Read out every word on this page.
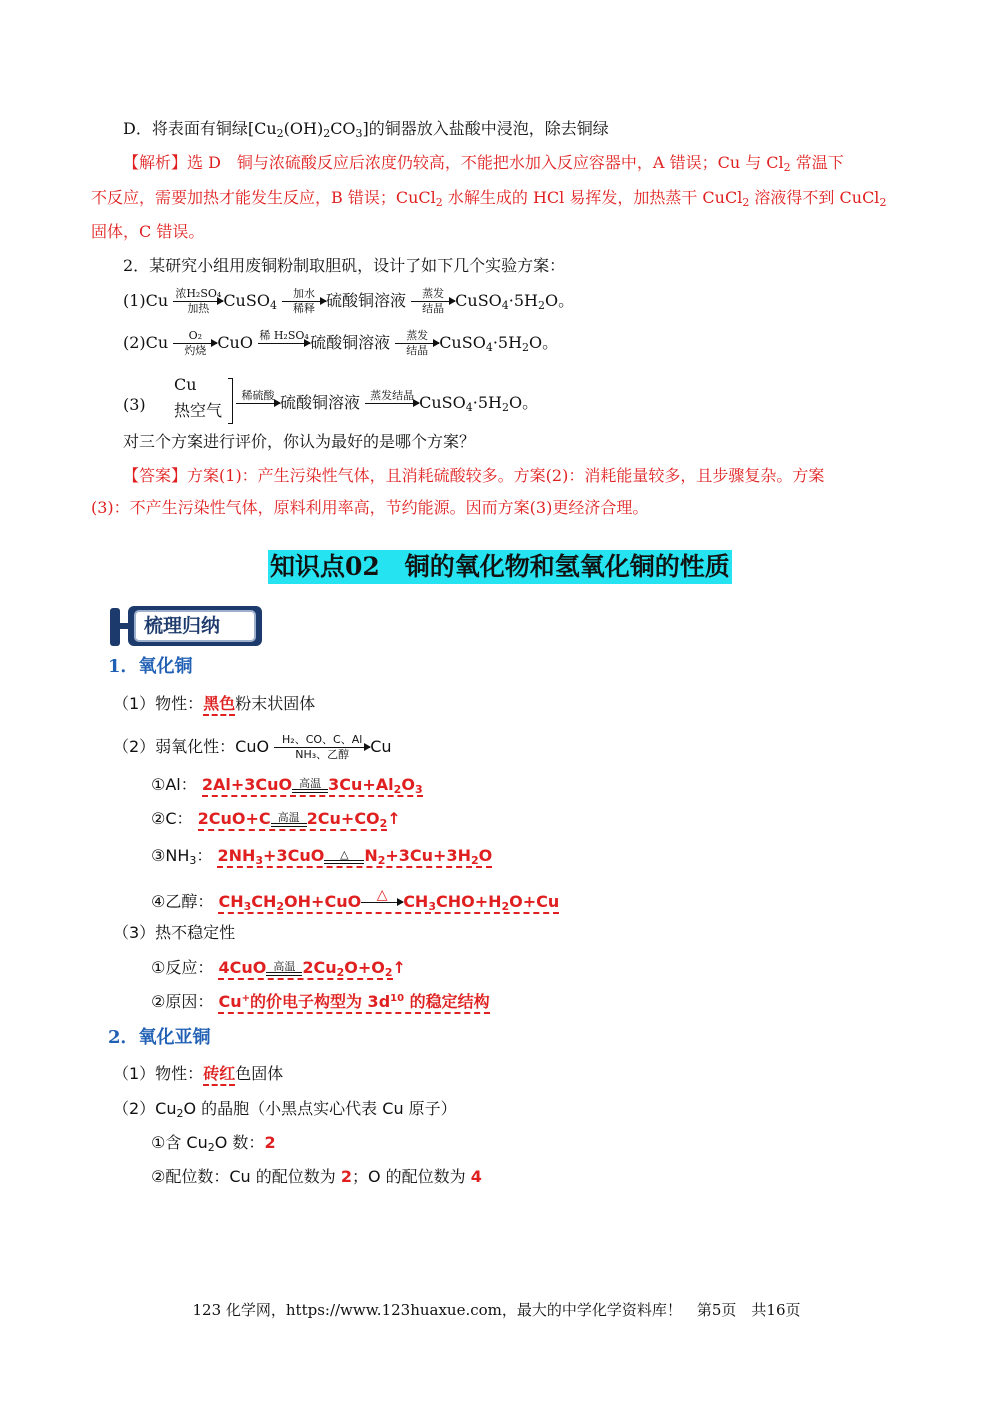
D．将表面有铜绿$[Cu_2(OH)_2CO_3]$的铜器放入盐酸中浸泡，除去铜绿
【解析】选 D　铜与浓硫酸反应后浓度仍较高，不能把水加入反应容器中，A 错误；Cu 与 $Cl_2$ 常温下
不反应，需要加热才能发生反应，B 错误；CuCl$_2$ 水解生成的 HCl 易挥发，加热蒸干 CuCl$_2$ 溶液得不到 CuCl$_2$
固体，C 错误。
2．某研究小组用废铜粉制取胆矾，设计了如下几个实验方案：
(1)Cu 浓H₂SO₄
加热 CuSO$_4$
加水
稀释 硫酸铜溶液	蒸发
结晶 $CuSO_4\cdot 5H_2O$。
(2)Cu	O₂
灼烧 CuO 稀 H₂SO₄
硫酸铜溶液	蒸发
结晶 $CuSO_4\cdot 5H_2O$。
(3)
Cu
热空气
稀硫酸
硫酸铜溶液 蒸发结晶
$CuSO_4\cdot 5H_2O$。
对三个方案进行评价，你认为最好的是哪个方案？
【答案】方案(1)：产生污染性气体，且消耗硫酸较多。方案(2)：消耗能量较多，且步骤复杂。方案
(3)：不产生污染性气体，原料利用率高，节约能源。因而方案(3)更经济合理。
知识点02　铜的氧化物和氢氧化铜的性质
梳理归纳
1．氧化铜
（1）物性：黑色粉末状固体
（2）弱氧化性：CuO	H₂、CO、C、Al
NH₃、乙醇	Cu
①Al： 2Al+3CuO 高温 $3Cu+Al_2O_3$
②C： 2CuO+C 高温 $2Cu+CO_2↑$
$③NH_3$： $2NH_3+3CuO$	△ $N_2+3Cu+3H_2O$
④乙醇： $CH_3CH_2OH+CuO$	△
$CH_3CHO+H_2O+Cu$
（3）热不稳定性
①反应： 4CuO 高温 $2Cu_2O+O_2↑$
②原因： Cu+的价电子构型为 $3d^{10}$ 的稳定结构
2．氧化亚铜
（1）物性：砖红色固体
$(2)Cu_2O$ 的晶胞（小黑点实心代表 Cu 原子）
①含 $Cu_2O$ 数：2
②配位数：Cu 的配位数为 2；O 的配位数为 4
123 化学网，https://www.123huaxue.com，最大的中学化学资料库！　第5页　共16页
